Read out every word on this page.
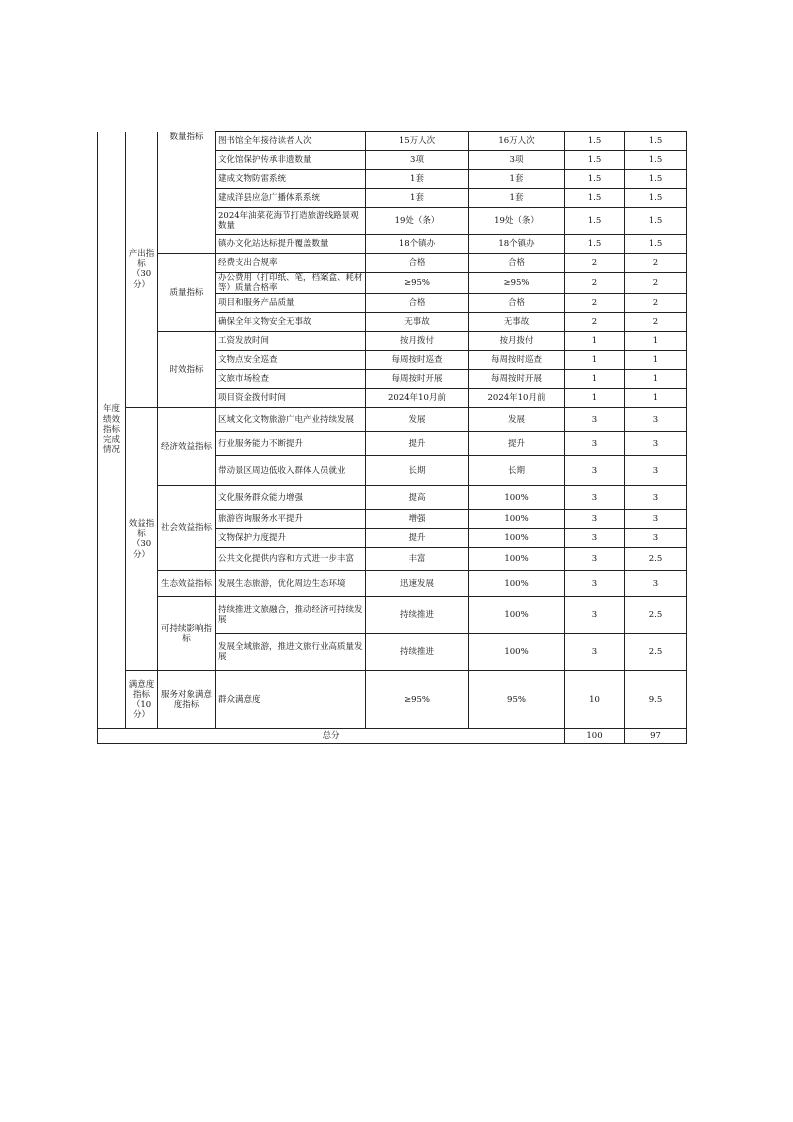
年度绩效指标完成情况	产出指标（30分）	数量指标	图书馆全年接待读者人次	15万人次	16万人次	1.5	1.5
			文化馆保护传承非遗数量	3项	3项	1.5	1.5
			建成文物防雷系统	1套	1套	1.5	1.5
			建成洋县应急广播体系系统	1套	1套	1.5	1.5
			2024年油菜花海节打造旅游线路景观数量	19处（条）	19处（条）	1.5	1.5
			镇办文化站达标提升覆盖数量	18个镇办	18个镇办	1.5	1.5
		质量指标	经费支出合规率	合格	合格	2	2
			办公费用（打印纸、笔，档案盒、耗材等）质量合格率	≥95%	≥95%	2	2
			项目和服务产品质量	合格	合格	2	2
			确保全年文物安全无事故	无事故	无事故	2	2
		时效指标	工资发放时间	按月拨付	按月拨付	1	1
			文物点安全巡查	每周按时巡查	每周按时巡查	1	1
			文旅市场检查	每周按时开展	每周按时开展	1	1
			项目资金拨付时间	2024年10月前	2024年10月前	1	1
	效益指标（30分）	经济效益指标	区域文化文物旅游广电产业持续发展	发展	发展	3	3
			行业服务能力不断提升	提升	提升	3	3
			带动景区周边低收入群体人员就业	长期	长期	3	3
		社会效益指标	文化服务群众能力增强	提高	100%	3	3
			旅游咨询服务水平提升	增强	100%	3	3
			文物保护力度提升	提升	100%	3	3
			公共文化提供内容和方式进一步丰富	丰富	100%	3	2.5
		生态效益指标	发展生态旅游，优化周边生态环境	迅速发展	100%	3	3
		可持续影响指标	持续推进文旅融合，推动经济可持续发展	持续推进	100%	3	2.5
			发展全域旅游，推进文旅行业高质量发展	持续推进	100%	3	2.5
	满意度指标（10分）	服务对象满意度指标	群众满意度	≥95%	95%	10	9.5
总分						100	97
